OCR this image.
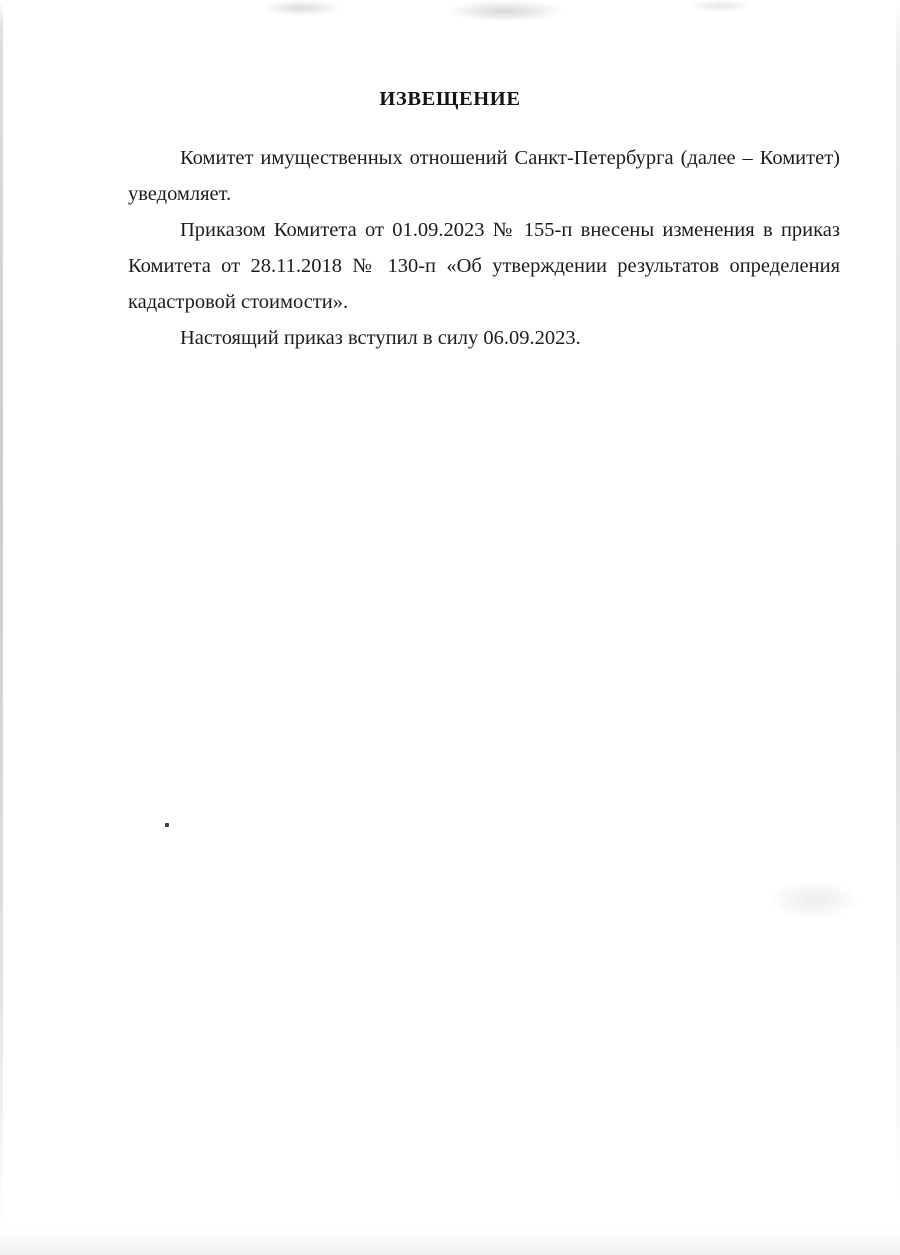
ИЗВЕЩЕНИЕ

Комитет имущественных отношений Санкт-Петербурга (далее – Комитет) уведомляет.

Приказом Комитета от 01.09.2023 № 155-п внесены изменения в приказ Комитета от 28.11.2018 № 130-п «Об утверждении результатов определения кадастровой стоимости».

Настоящий приказ вступил в силу 06.09.2023.
